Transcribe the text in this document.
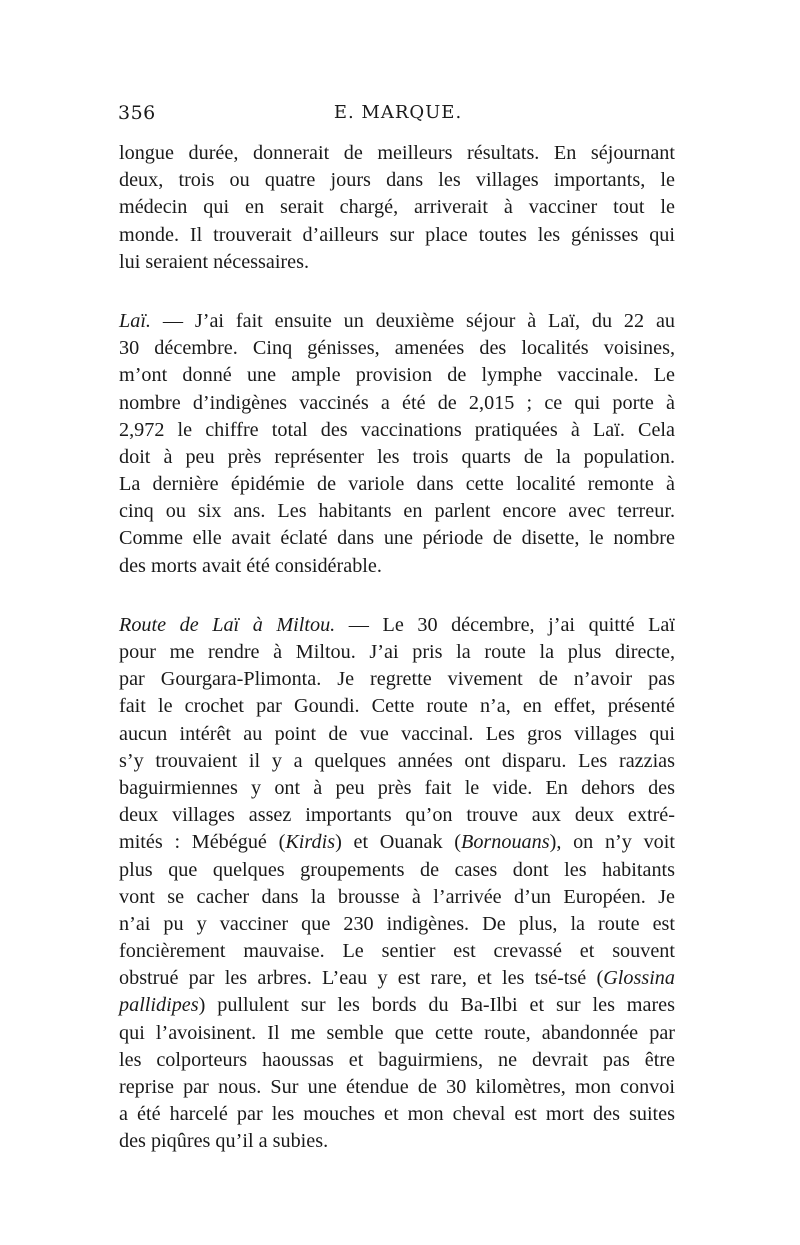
356	E. MARQUE.
longue durée, donnerait de meilleurs résultats. En séjournant
deux, trois ou quatre jours dans les villages importants, le
médecin qui en serait chargé, arriverait à vacciner tout le
monde. Il trouverait d’ailleurs sur place toutes les génisses qui
lui seraient nécessaires.
Laï. — J’ai fait ensuite un deuxième séjour à Laï, du 22 au
30 décembre. Cinq génisses, amenées des localités voisines,
m’ont donné une ample provision de lymphe vaccinale. Le
nombre d’indigènes vaccinés a été de 2,015 ; ce qui porte à
2,972 le chiffre total des vaccinations pratiquées à Laï. Cela
doit à peu près représenter les trois quarts de la population.
La dernière épidémie de variole dans cette localité remonte à
cinq ou six ans. Les habitants en parlent encore avec terreur.
Comme elle avait éclaté dans une période de disette, le nombre
des morts avait été considérable.
Route de Laï à Miltou. — Le 30 décembre, j’ai quitté Laï
pour me rendre à Miltou. J’ai pris la route la plus directe,
par Gourgara-Plimonta. Je regrette vivement de n’avoir pas
fait le crochet par Goundi. Cette route n’a, en effet, présenté
aucun intérêt au point de vue vaccinal. Les gros villages qui
s’y trouvaient il y a quelques années ont disparu. Les razzias
baguirmiennes y ont à peu près fait le vide. En dehors des
deux villages assez importants qu’on trouve aux deux extré-
mités : Mébégué (Kirdis) et Ouanak (Bornouans), on n’y voit
plus que quelques groupements de cases dont les habitants
vont se cacher dans la brousse à l’arrivée d’un Européen. Je
n’ai pu y vacciner que 230 indigènes. De plus, la route est
foncièrement mauvaise. Le sentier est crevassé et souvent
obstrué par les arbres. L’eau y est rare, et les tsé-tsé (Glossina
pallidipes) pullulent sur les bords du Ba-Ilbi et sur les mares
qui l’avoisinent. Il me semble que cette route, abandonnée par
les colporteurs haoussas et baguirmiens, ne devrait pas être
reprise par nous. Sur une étendue de 30 kilomètres, mon convoi
a été harcelé par les mouches et mon cheval est mort des suites
des piqûres qu’il a subies.
